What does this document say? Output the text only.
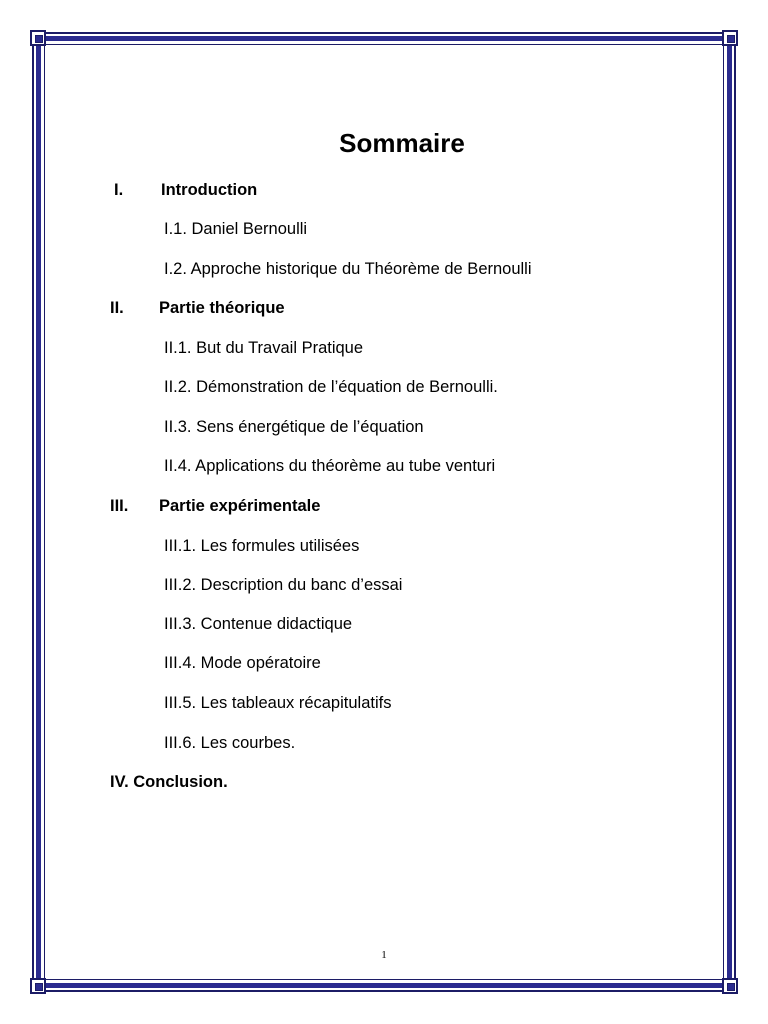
Sommaire
I. Introduction
I.1. Daniel Bernoulli
I.2. Approche historique du Théorème de Bernoulli
II. Partie théorique
II.1. But du Travail Pratique
II.2. Démonstration de l’équation de Bernoulli.
II.3. Sens énergétique de l’équation
II.4. Applications du théorème au tube venturi
III. Partie expérimentale
III.1. Les formules utilisées
III.2. Description du banc d’essai
III.3. Contenue didactique
III.4. Mode opératoire
III.5. Les tableaux récapitulatifs
III.6. Les courbes.
IV. Conclusion.
1
